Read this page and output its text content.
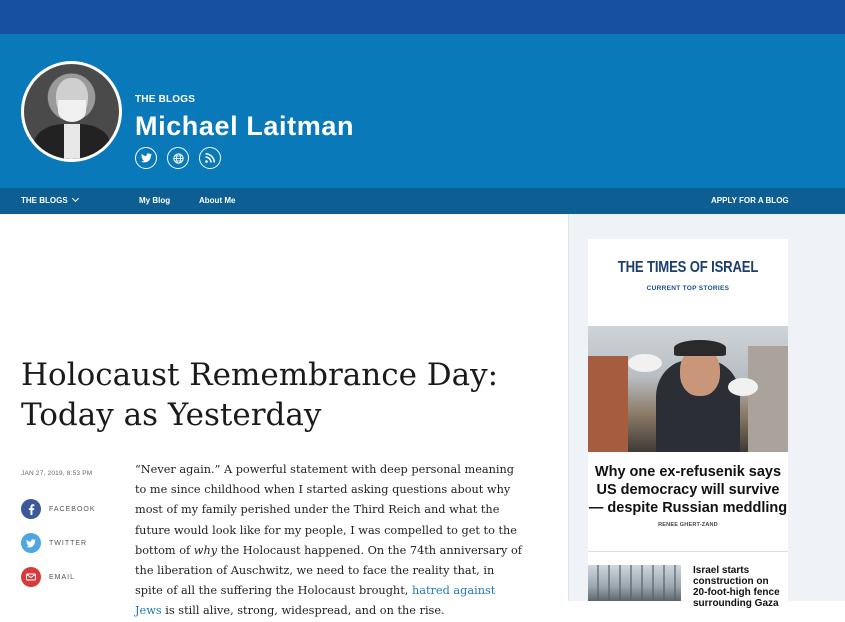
THE BLOGS
Michael Laitman
THE BLOGS	My Blog	About Me	APPLY FOR A BLOG
Holocaust Remembrance Day: Today as Yesterday
JAN 27, 2019, 8:53 PM
FACEBOOK
TWITTER
EMAIL
“Never again.” A powerful statement with deep personal meaning to me since childhood when I started asking questions about why most of my family perished under the Third Reich and what the future would look like for my people, I was compelled to get to the bottom of why the Holocaust happened. On the 74th anniversary of the liberation of Auschwitz, we need to face the reality that, in spite of all the suffering the Holocaust brought, hatred against Jews is still alive, strong, widespread, and on the rise.
THE TIMES OF ISRAEL
CURRENT TOP STORIES
Why one ex-refusenik says US democracy will survive — despite Russian meddling
RENEE GHERT-ZAND
Israel starts construction on 20-foot-high fence surrounding Gaza
